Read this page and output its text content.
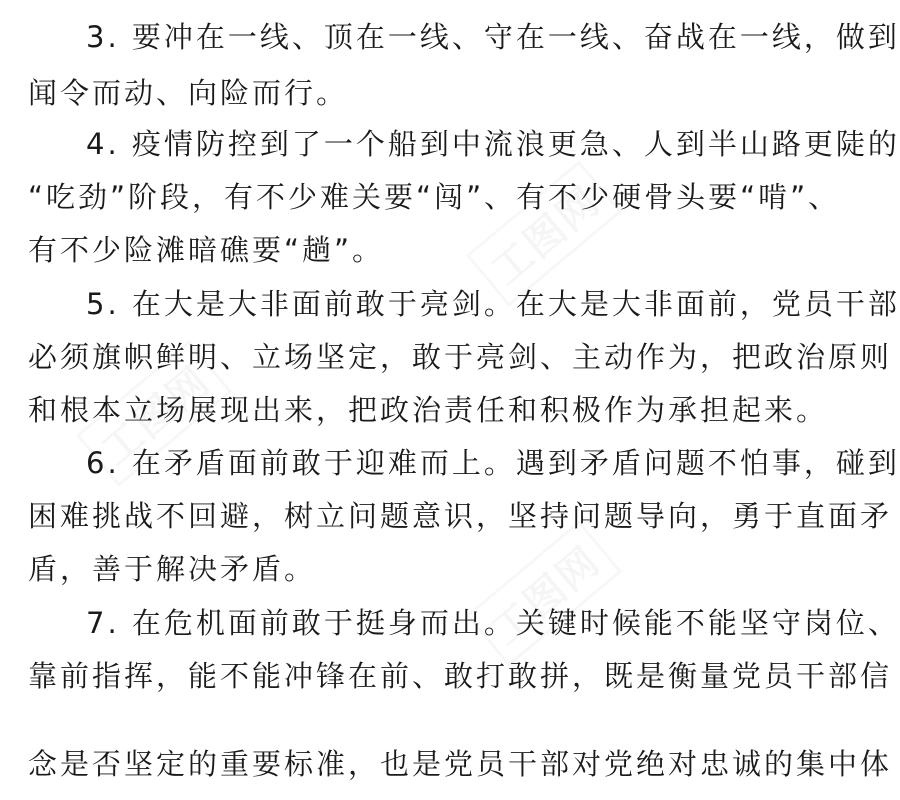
3. 要冲在一线、顶在一线、守在一线、奋战在一线，做到
闻令而动、向险而行。
4. 疫情防控到了一个船到中流浪更急、人到半山路更陡的
“吃劲”阶段，有不少难关要“闯”、有不少硬骨头要“啃”、
有不少险滩暗礁要“趟”。
5. 在大是大非面前敢于亮剑。在大是大非面前，党员干部
必须旗帜鲜明、立场坚定，敢于亮剑、主动作为，把政治原则
和根本立场展现出来，把政治责任和积极作为承担起来。
6. 在矛盾面前敢于迎难而上。遇到矛盾问题不怕事，碰到
困难挑战不回避，树立问题意识，坚持问题导向，勇于直面矛
盾，善于解决矛盾。
7. 在危机面前敢于挺身而出。关键时候能不能坚守岗位、
靠前指挥，能不能冲锋在前、敢打敢拼，既是衡量党员干部信
念是否坚定的重要标准，也是党员干部对党绝对忠诚的集中体
